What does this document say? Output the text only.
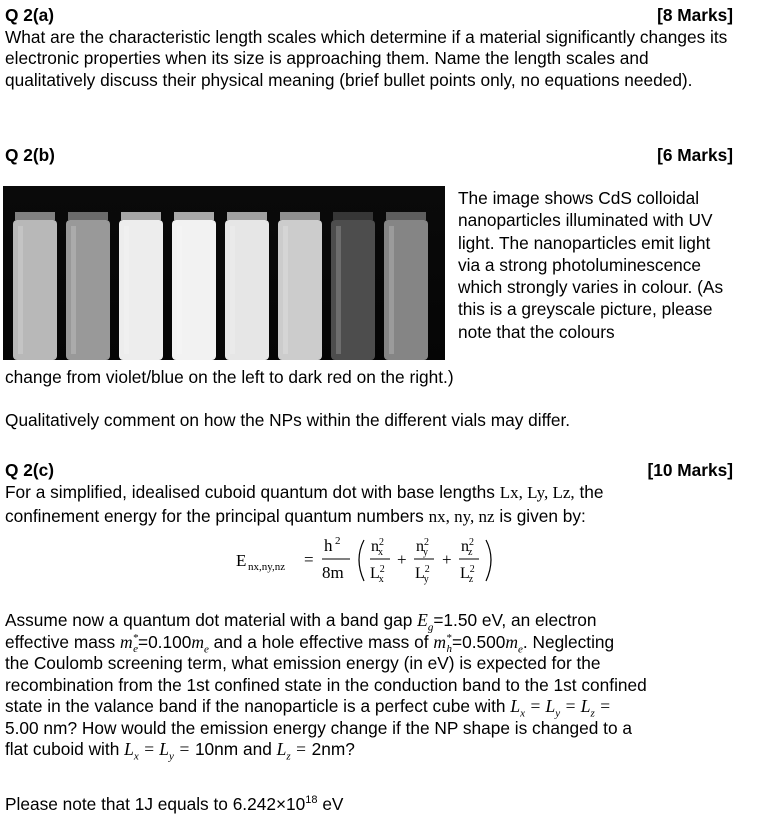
Q 2(a)	[8 Marks]

What are the characteristic length scales which determine if a material significantly changes its electronic properties when its size is approaching them. Name the length scales and qualitatively discuss their physical meaning (brief bullet points only, no equations needed).

Q 2(b)	[6 Marks]

The image shows CdS colloidal nanoparticles illuminated with UV light. The nanoparticles emit light via a strong photoluminescence which strongly varies in colour. (As this is a greyscale picture, please note that the colours

change from violet/blue on the left to dark red on the right.)

Qualitatively comment on how the NPs within the different vials may differ.

Q 2(c)	[10 Marks]

For a simplified, idealised cuboid quantum dot with base lengths Lx, Ly, Lz, the

confinement energy for the principal quantum numbers nx, ny, nz is given by:

E nx,ny,nz =
h 2
8m
$n^2$ x
$L^2$ x
+
$n^2$ y
$L^2$ y
+
$n^2$ z
$L^2$ z

Assume now a quantum dot material with a band gap $E_g=1.50$ eV, an electron

effective mass $m^*_e=0.100m_e$ and a hole effective mass of $m^*_h=0.500m_e$. Neglecting

the Coulomb screening term, what emission energy (in eV) is expected for the

recombination from the 1st confined state in the conduction band to the 1st confined

state in the valance band if the nanoparticle is a perfect cube with $L_x = L_y = L_z$ =

5.00 nm? How would the emission energy change if the NP shape is changed to a

flat cuboid with $L_x = L_y = 10nm$ and $L_z = 2nm$?

Please note that 1J equals to $6.242\times 10^{18}$ eV
